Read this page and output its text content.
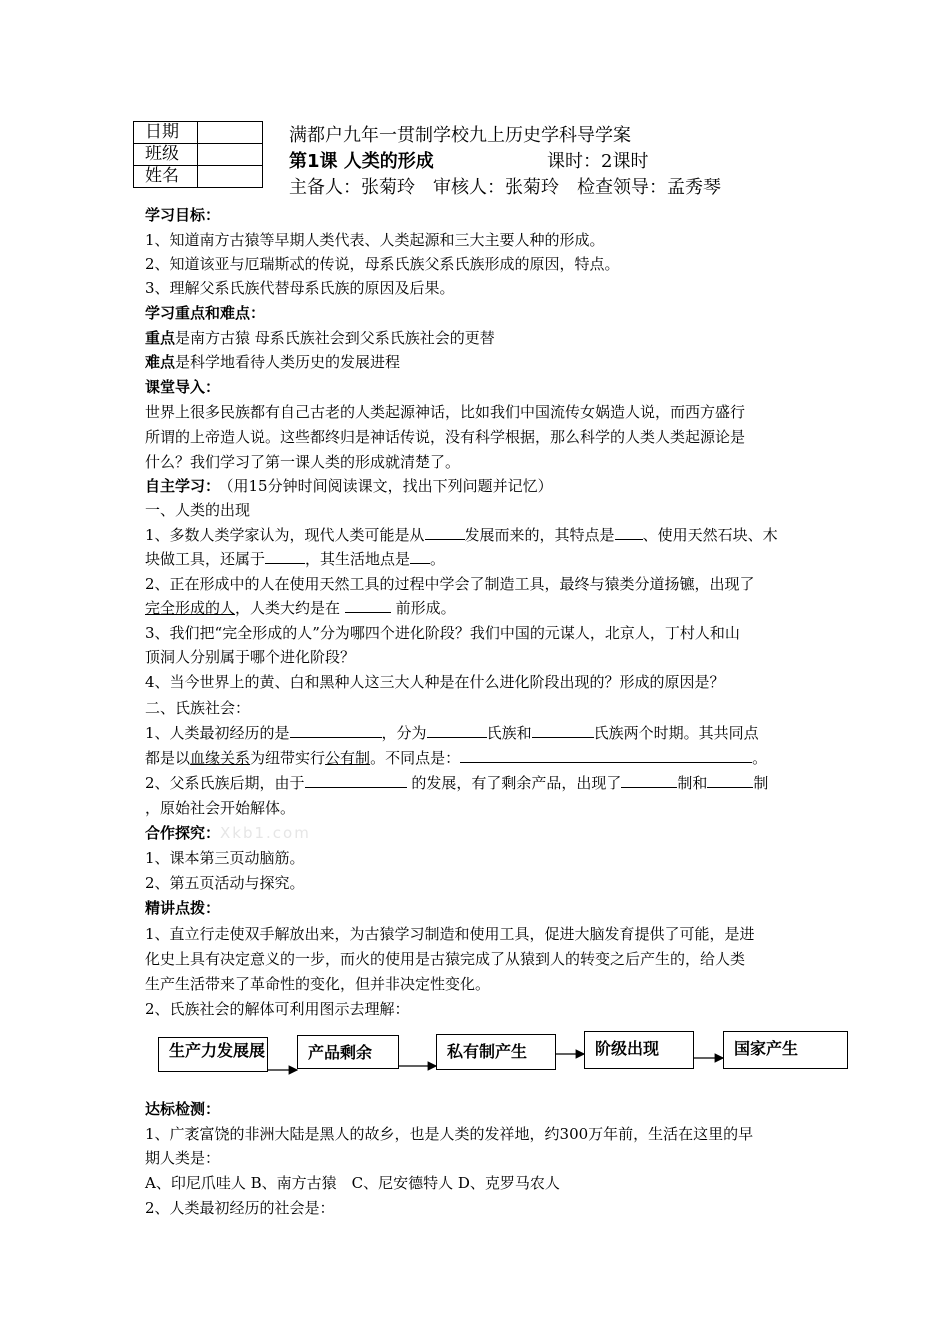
日期	
班级	
姓名	
满都户九年一贯制学校九上历史学科导学案
第1课 人类的形成	课时：2课时
主备人：张菊玲　审核人：张菊玲　检查领导：孟秀琴
学习目标：
1、知道南方古猿等早期人类代表、人类起源和三大主要人种的形成。
2、知道该亚与厄瑞斯忒的传说，母系氏族父系氏族形成的原因，特点。
3、理解父系氏族代替母系氏族的原因及后果。
学习重点和难点：
重点是南方古猿 母系氏族社会到父系氏族社会的更替
难点是科学地看待人类历史的发展进程
课堂导入：
世界上很多民族都有自己古老的人类起源神话，比如我们中国流传女娲造人说，而西方盛行
所谓的上帝造人说。这些都终归是神话传说，没有科学根据，那么科学的人类人类起源论是
什么？我们学习了第一课人类的形成就清楚了。
自主学习： （用15分钟时间阅读课文，找出下列问题并记忆）
一、人类的出现
1、多数人类学家认为，现代人类可能是从	发展而来的，其特点是 、使用天然石块、木
块做工具，还属于	，其生活地点是 。
2、正在形成中的人在使用天然工具的过程中学会了制造工具，最终与猿类分道扬镳，出现了
完全形成的人，人类大约是在	前形成。
3、我们把“完全形成的人”分为哪四个进化阶段？我们中国的元谋人，北京人，丁村人和山
顶洞人分别属于哪个进化阶段？
4、当今世界上的黄、白和黑种人这三大人种是在什么进化阶段出现的？形成的原因是？
二、氏族社会：
1、人类最初经历的是	，分为	氏族和	氏族两个时期。其共同点
都是以血缘关系为纽带实行公有制。不同点是：	。
2、父系氏族后期，由于	的发展，有了剩余产品，出现了	制和	制
，原始社会开始解体。
合作探究：Xkb1.com
1、课本第三页动脑筋。
2、第五页活动与探究。
精讲点拨：
1、直立行走使双手解放出来，为古猿学习制造和使用工具，促进大脑发育提供了可能，是进
化史上具有决定意义的一步，而火的使用是古猿完成了从猿到人的转变之后产生的，给人类
生产生活带来了革命性的变化，但并非决定性变化。
2、氏族社会的解体可利用图示去理解：
生产力发展展	产品剩余	私有制产生	阶级出现	国家产生
达标检测：
1、广袤富饶的非洲大陆是黑人的故乡，也是人类的发祥地，约300万年前，生活在这里的早
期人类是：
A、印尼爪哇人 B、南方古猿　C、尼安德特人 D、克罗马农人
2、人类最初经历的社会是：
